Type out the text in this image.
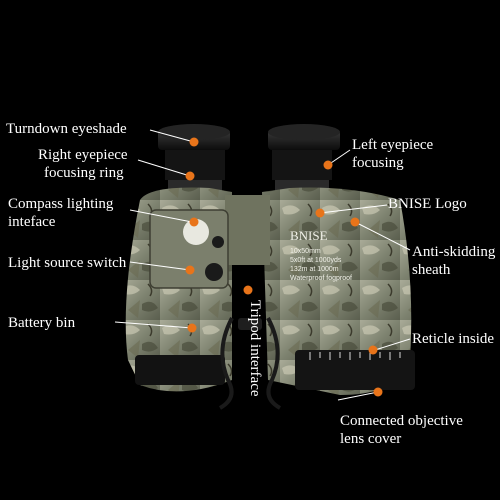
BNISE
10x50mm
5x0ft at 1000yds
132m at 1000m
Waterproof fogproof
Turndown eyeshade
Right eyepiece
focusing ring
Left eyepiece
focusing
Compass lighting
inteface
BNISE Logo
Light source switch
Anti-skidding
sheath
Battery bin
Reticle inside
Tripod interface
Connected objective
lens cover
